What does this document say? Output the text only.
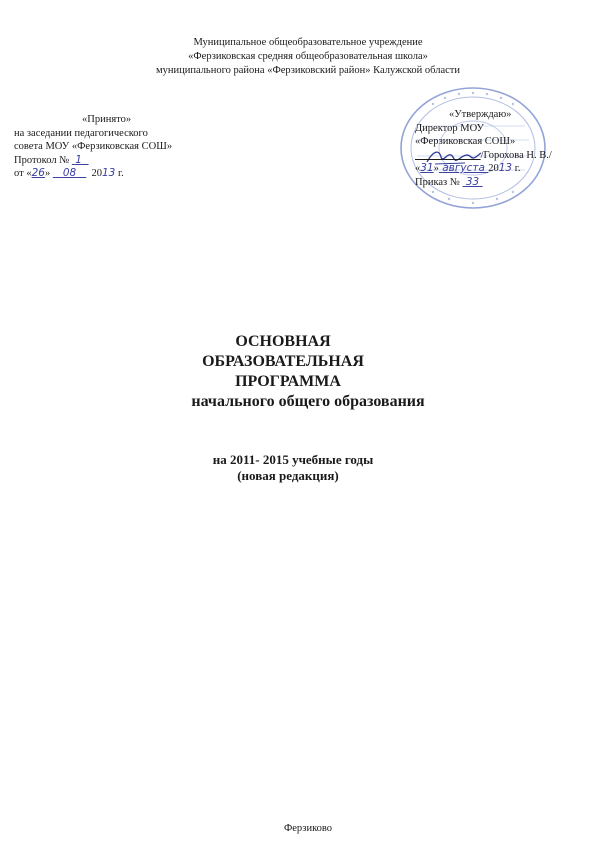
Муниципальное общеобразовательное учреждение
«Ферзиковская средняя общеобразовательная школа»
муниципального района «Ферзиковский район» Калужской области
«Принято»
на заседании педагогического
совета МОУ «Ферзиковская СОШ»
Протокол № 1
от «26»    08 2013 г.
«Утверждаю»
Директор МОУ
«Ферзиковская СОШ»
/Горохова Н. В./
«31» августа 2013 г.
Приказ № 33
ОСНОВНАЯ
ОБРАЗОВАТЕЛЬНАЯ
ПРОГРАММА
начального общего образования
на 2011- 2015 учебные годы
(новая редакция)
Ферзиково
